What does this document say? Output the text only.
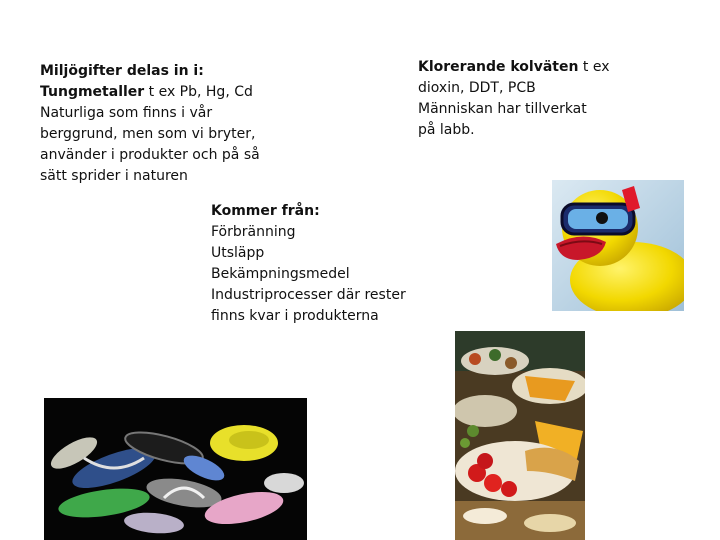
Miljögifter delas in i:
Tungmetaller t ex Pb, Hg, Cd
Naturliga som finns i vår
berggrund, men som vi bryter,
använder i produkter och på så
sätt sprider i naturen
Klorerande kolväten t ex
dioxin, DDT, PCB
Människan har tillverkat
på labb.
Kommer från:
Förbränning
Utsläpp
Bekämpningsmedel
Industriprocesser där rester
finns kvar i produkterna
